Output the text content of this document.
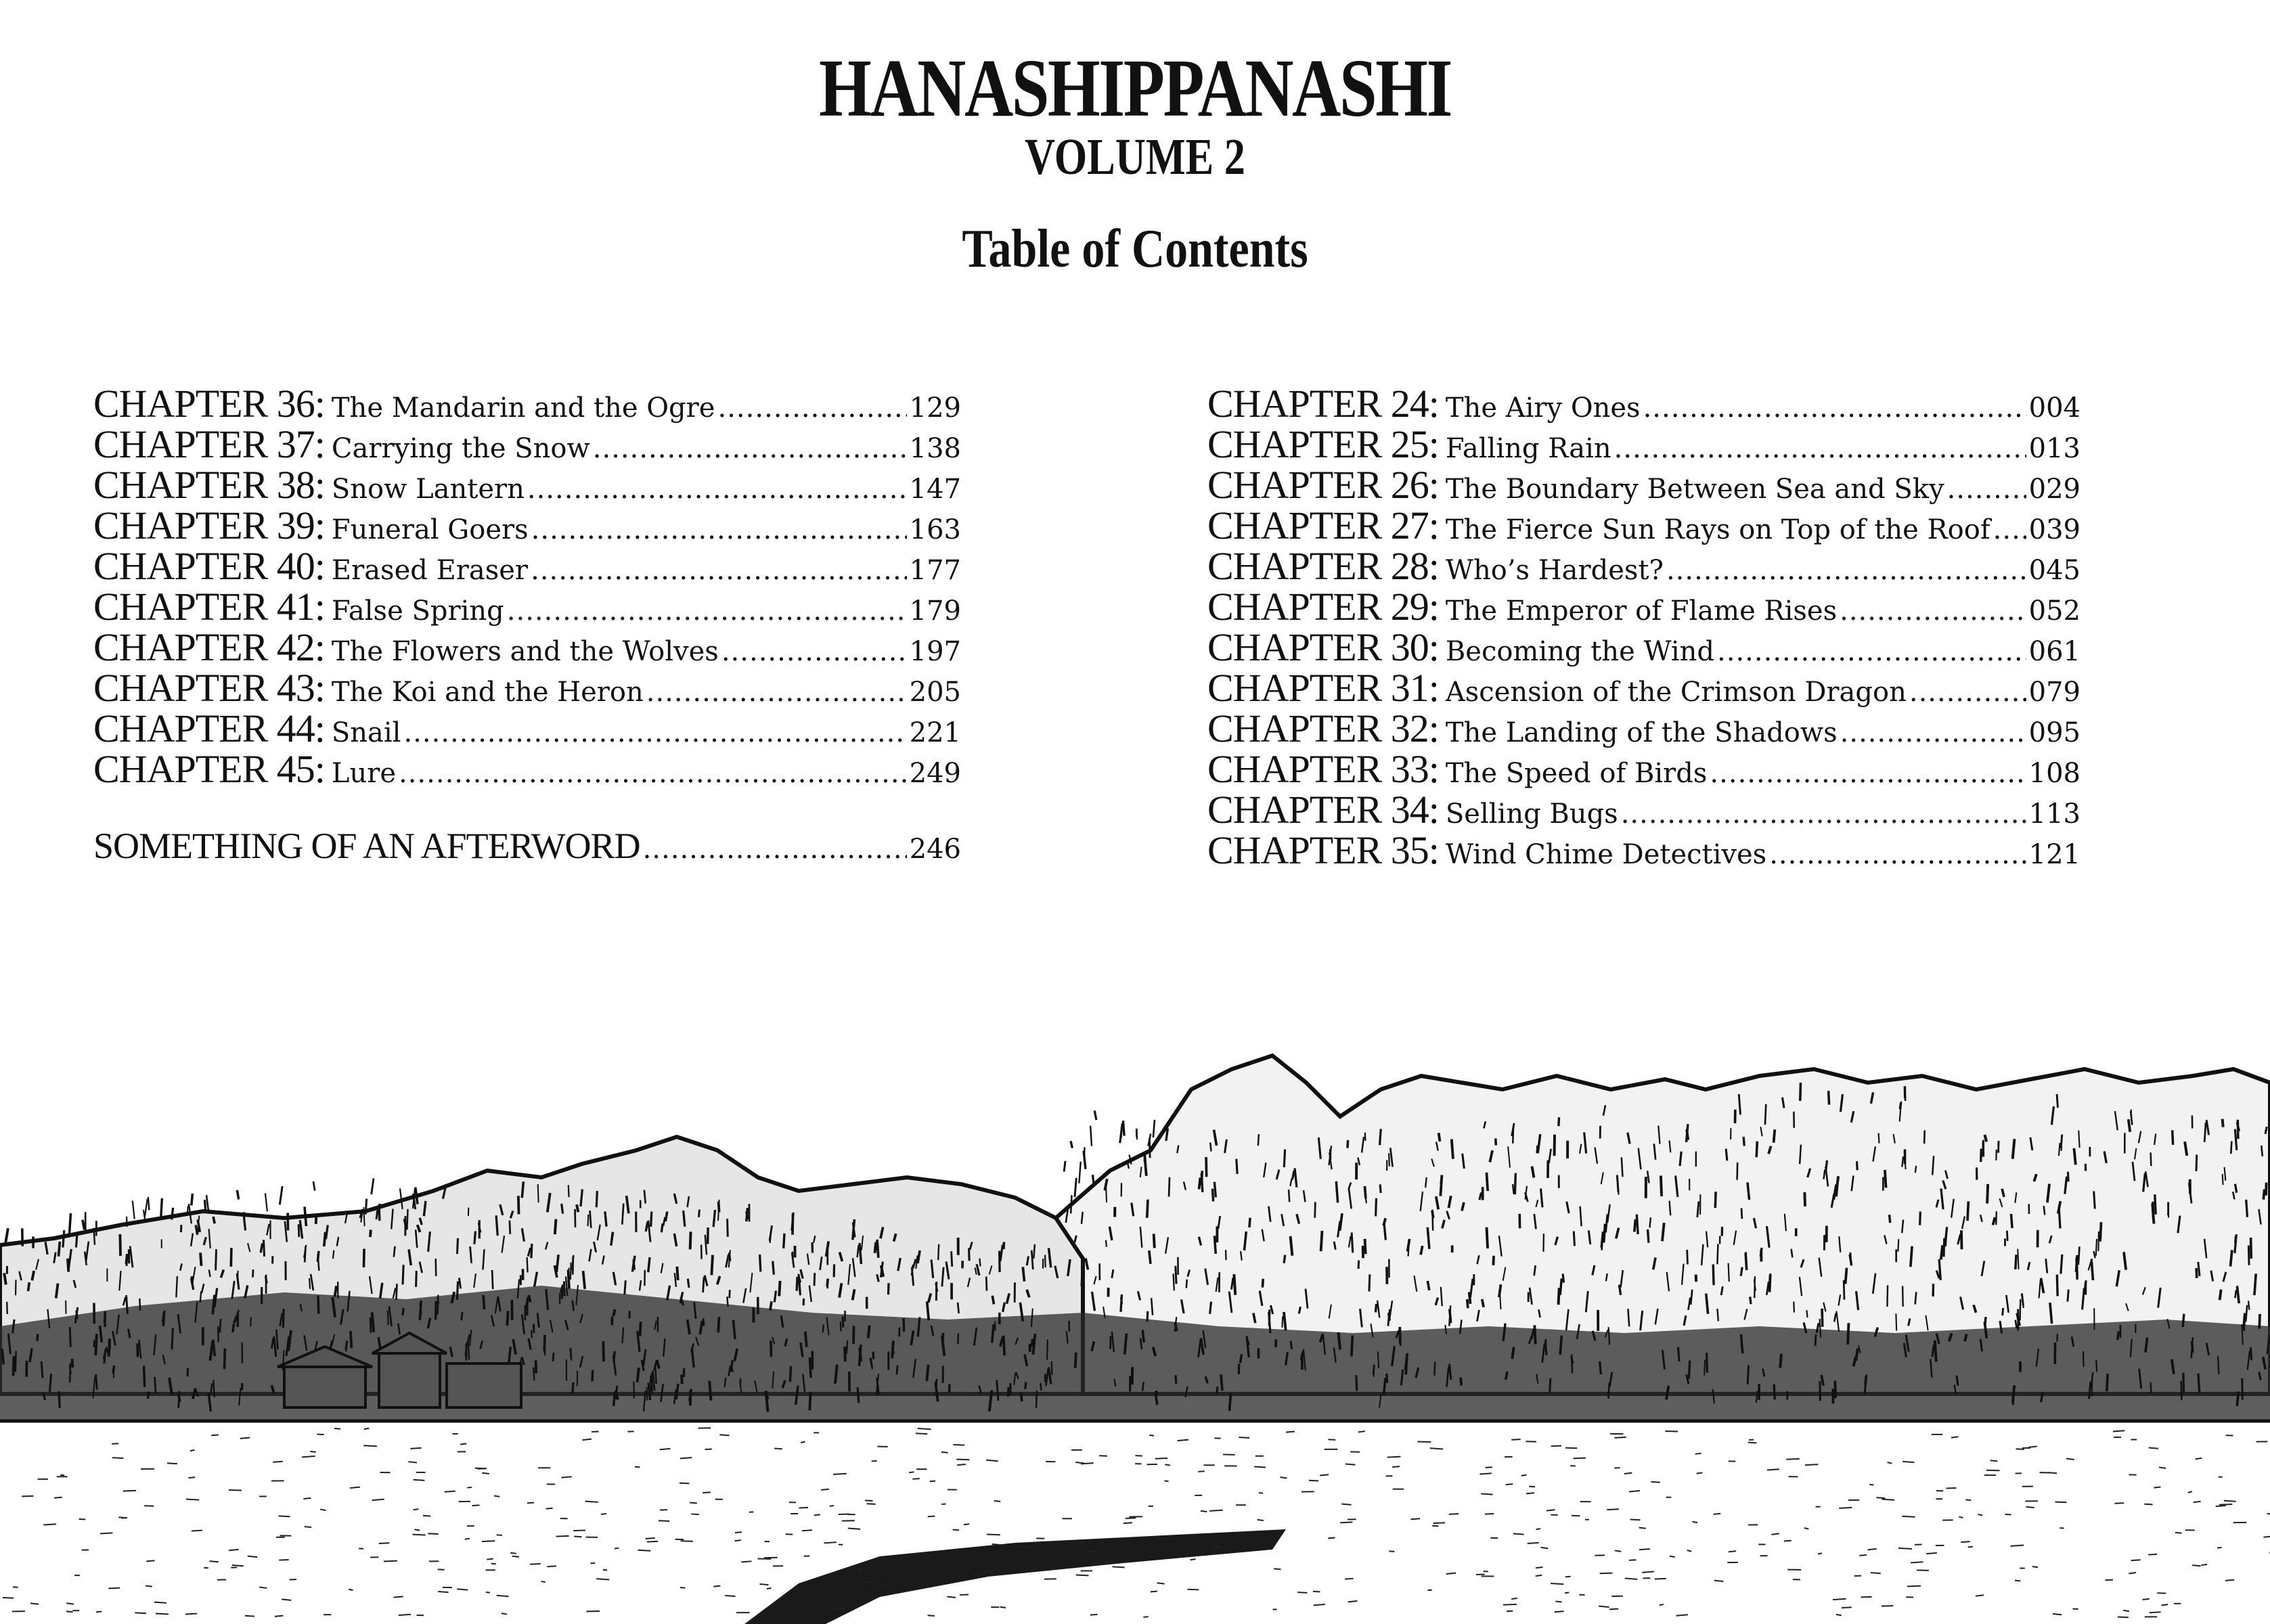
HANASHIPPANASHI
VOLUME 2
Table of Contents
CHAPTER 36: The Mandarin and the Ogre .....	129
CHAPTER 37: Carrying the Snow .....	138
CHAPTER 38: Snow Lantern .....	147
CHAPTER 39: Funeral Goers .....	163
CHAPTER 40: Erased Eraser .....	177
CHAPTER 41: False Spring .....	179
CHAPTER 42: The Flowers and the Wolves .....	197
CHAPTER 43: The Koi and the Heron .....	205
CHAPTER 44: Snail .....	221
CHAPTER 45: Lure .....	249
SOMETHING OF AN AFTERWORD .....	246
CHAPTER 24: The Airy Ones .....	004
CHAPTER 25: Falling Rain .....	013
CHAPTER 26: The Boundary Between Sea and Sky .....	029
CHAPTER 27: The Fierce Sun Rays on Top of the Roof ..... 039
CHAPTER 28: Who’s Hardest? .....	045
CHAPTER 29: The Emperor of Flame Rises .....	052
CHAPTER 30: Becoming the Wind .....	061
CHAPTER 31: Ascension of the Crimson Dragon .....	079
CHAPTER 32: The Landing of the Shadows .....	095
CHAPTER 33: The Speed of Birds .....	108
CHAPTER 34: Selling Bugs .....	113
CHAPTER 35: Wind Chime Detectives .....	121
